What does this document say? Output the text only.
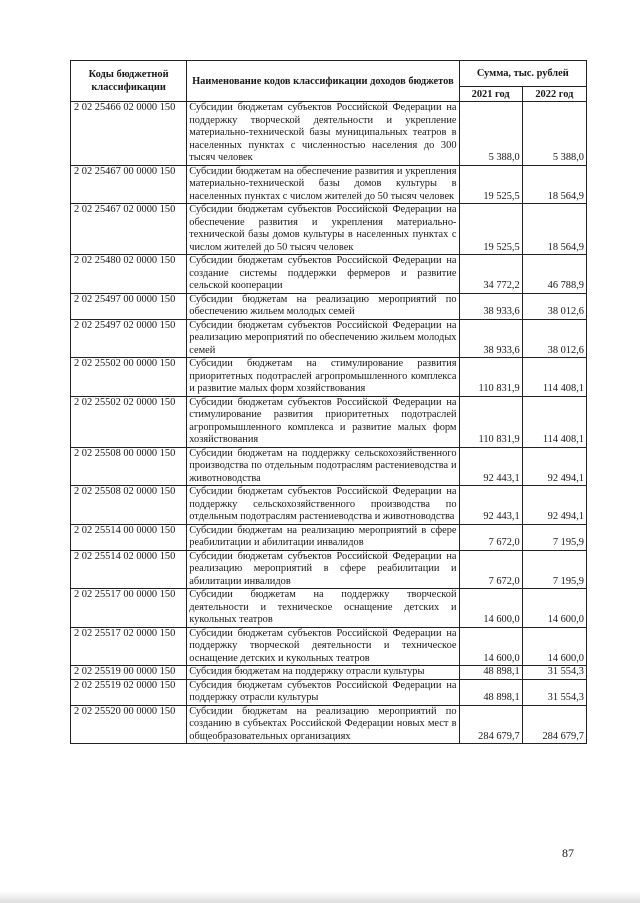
Коды бюджетной классификации	Наименование кодов классификации доходов бюджетов	Сумма, тыс. рублей	
		2021 год	2022 год
2 02 25466 02 0000 150	Субсидии бюджетам субъектов Российской Федерации на поддержку творческой деятельности и укрепление материально-технической базы муниципальных театров в населенных пунктах с численностью населения до 300 тысяч человек	5 388,0	5 388,0
2 02 25467 00 0000 150	Субсидии бюджетам на обеспечение развития и укрепления материально-технической базы домов культуры в населенных пунктах с числом жителей до 50 тысяч человек	19 525,5	18 564,9
2 02 25467 02 0000 150	Субсидии бюджетам субъектов Российской Федерации на обеспечение развития и укрепления материально-технической базы домов культуры в населенных пунктах с числом жителей до 50 тысяч человек	19 525,5	18 564,9
2 02 25480 02 0000 150	Субсидии бюджетам субъектов Российской Федерации на создание системы поддержки фермеров и развитие сельской кооперации	34 772,2	46 788,9
2 02 25497 00 0000 150	Субсидии бюджетам на реализацию мероприятий по обеспечению жильем молодых семей	38 933,6	38 012,6
2 02 25497 02 0000 150	Субсидии бюджетам субъектов Российской Федерации на реализацию мероприятий по обеспечению жильем молодых семей	38 933,6	38 012,6
2 02 25502 00 0000 150	Субсидии бюджетам на стимулирование развития приоритетных подотраслей агропромышленного комплекса и развитие малых форм хозяйствования	110 831,9	114 408,1
2 02 25502 02 0000 150	Субсидии бюджетам субъектов Российской Федерации на стимулирование развития приоритетных подотраслей агропромышленного комплекса и развитие малых форм хозяйствования	110 831,9	114 408,1
2 02 25508 00 0000 150	Субсидии бюджетам на поддержку сельскохозяйственного производства по отдельным подотраслям растениеводства и животноводства	92 443,1	92 494,1
2 02 25508 02 0000 150	Субсидии бюджетам субъектов Российской Федерации на поддержку сельскохозяйственного производства по отдельным подотраслям растениеводства и животноводства	92 443,1	92 494,1
2 02 25514 00 0000 150	Субсидии бюджетам на реализацию мероприятий в сфере реабилитации и абилитации инвалидов	7 672,0	7 195,9
2 02 25514 02 0000 150	Субсидии бюджетам субъектов Российской Федерации на реализацию мероприятий в сфере реабилитации и абилитации инвалидов	7 672,0	7 195,9
2 02 25517 00 0000 150	Субсидии бюджетам на поддержку творческой деятельности и техническое оснащение детских и кукольных театров	14 600,0	14 600,0
2 02 25517 02 0000 150	Субсидии бюджетам субъектов Российской Федерации на поддержку творческой деятельности и техническое оснащение детских и кукольных театров	14 600,0	14 600,0
2 02 25519 00 0000 150	Субсидия бюджетам на поддержку отрасли культуры	48 898,1	31 554,3
2 02 25519 02 0000 150	Субсидия бюджетам субъектов Российской Федерации на поддержку отрасли культуры	48 898,1	31 554,3
2 02 25520 00 0000 150	Субсидии бюджетам на реализацию мероприятий по созданию в субъектах Российской Федерации новых мест в общеобразовательных организациях	284 679,7	284 679,7
87
